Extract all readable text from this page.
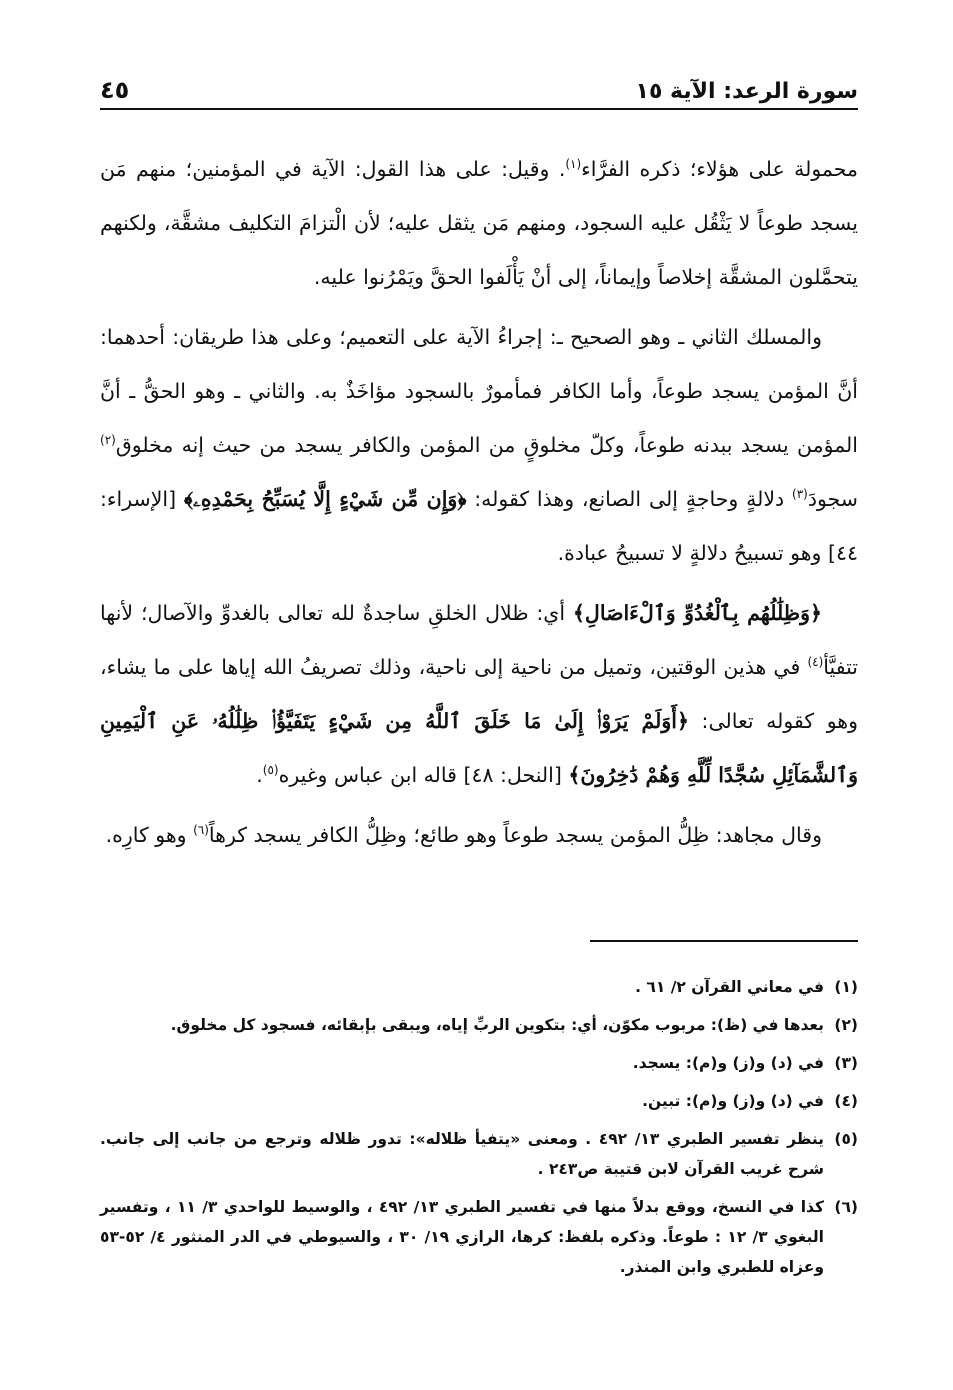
سورة الرعد: الآية ١٥
٤٥

محمولة على هؤلاء؛ ذكره الفرَّاء$^{(١)}$. وقيل: على هذا القول: الآية في المؤمنين؛ منهم مَن يسجد طوعاً لا يَثْقُل عليه السجود، ومنهم مَن يثقل عليه؛ لأن الْتزامَ التكليف مشقَّة، ولكنهم يتحمَّلون المشقَّة إخلاصاً وإيماناً، إلى أنْ يَأْلَفوا الحقَّ ويَمْرُنوا عليه.

والمسلك الثاني ـ وهو الصحيح ـ: إجراءُ الآية على التعميم؛ وعلى هذا طريقان: أحدهما: أنَّ المؤمن يسجد طوعاً، وأما الكافر فمأمورٌ بالسجود مؤاخَذٌ به. والثاني ـ وهو الحقُّ ـ أنَّ المؤمن يسجد ببدنه طوعاً، وكلّ مخلوقٍ من المؤمن والكافر يسجد من حيث إنه مخلوق$^{(٢)}$ سجودَ$^{(٣)}$ دلالةٍ وحاجةٍ إلى الصانع، وهذا كقوله: ﴿وَإِن مِّن شَيْءٍ إِلَّا يُسَبِّحُ بِحَمْدِهِۦ﴾ [الإسراء: ٤٤] وهو تسبيحُ دلالةٍ لا تسبيحُ عبادة.

﴿وَظِلَٰلُهُم بِٱلْغُدُوِّ وَٱلْءَاصَالِ﴾ أي: ظلال الخلقِ ساجدةٌ لله تعالى بالغدوِّ والآصال؛ لأنها تتفيَّأ$^{(٤)}$ في هذين الوقتين، وتميل من ناحية إلى ناحية، وذلك تصريفُ الله إياها على ما يشاء، وهو كقوله تعالى: ﴿أَوَلَمْ يَرَوْا۟ إِلَىٰ مَا خَلَقَ ٱللَّهُ مِن شَيْءٍ يَتَفَيَّؤُا۟ ظِلَٰلُهُۥ عَنِ ٱلْيَمِينِ وَٱلشَّمَآئِلِ سُجَّدًا لِّلَّهِ وَهُمْ دَٰخِرُونَ﴾ [النحل: ٤٨] قاله ابن عباس وغيره$^{(٥)}$.

وقال مجاهد: ظِلُّ المؤمن يسجد طوعاً وهو طائع؛ وظِلُّ الكافر يسجد كرهاً$^{(٦)}$ وهو كارِه.

(١)
في معاني القرآن ٢/ ٦١ .
(٢)
بعدها في (ظ): مربوب مكوّن، أي: بتكوين الربِّ إياه، ويبقى بإبقائه، فسجود كل مخلوق.
(٣)
في (د) و(ز) و(م): يسجد.
(٤)
في (د) و(ز) و(م): تبين.
(٥)
ينظر تفسير الطبري ١٣/ ٤٩٢ . ومعنى «يتفيأ ظلاله»: تدور ظلاله وترجع من جانب إلى جانب. شرح غريب القرآن لابن قتيبة ص٢٤٣ .
(٦)
كذا في النسخ، ووقع بدلاً منها في تفسير الطبري ١٣/ ٤٩٢ ، والوسيط للواحدي ٣/ ١١ ، وتفسير البغوي ٣/ ١٢ : طوعاً. وذكره بلفظ: كرها، الرازي ١٩/ ٣٠ ، والسيوطي في الدر المنثور ٤/ ٥٢-٥٣ وعزاه للطبري وابن المنذر.
